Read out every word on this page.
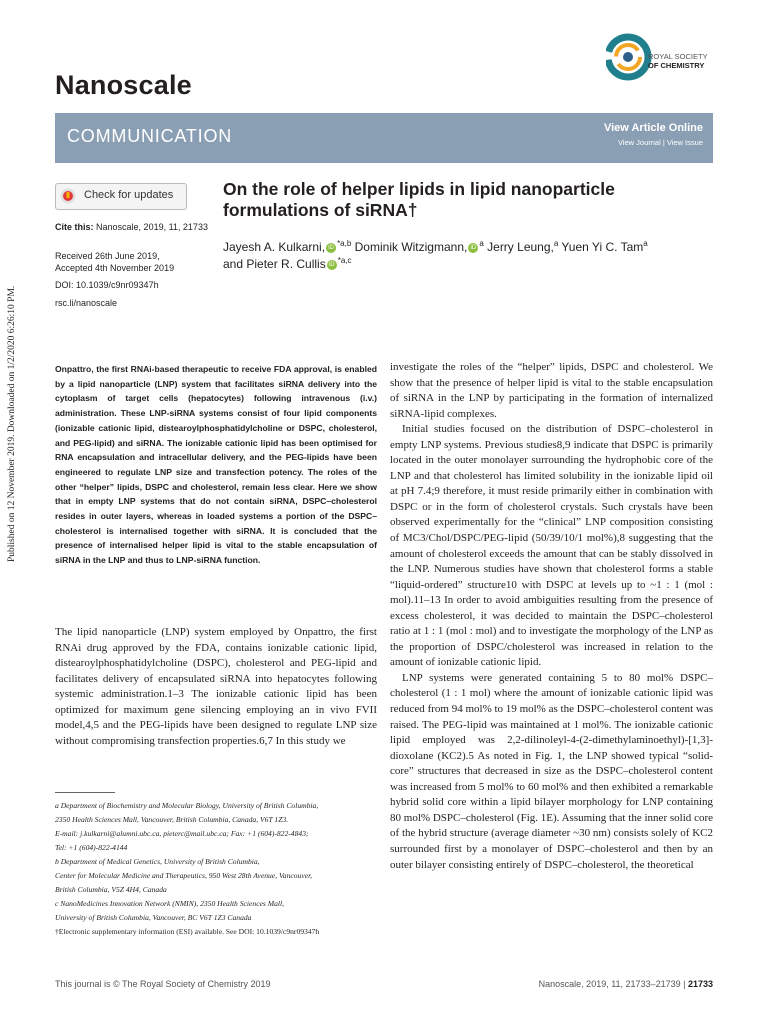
Published on 12 November 2019. Downloaded on 1/2/2020 6:26:10 PM.
Nanoscale
ROYAL SOCIETY
OF CHEMISTRY
COMMUNICATION	View Article Online
View Journal | View Issue
Check for updates
Cite this: Nanoscale, 2019, 11, 21733
Received 26th June 2019,
Accepted 4th November 2019
DOI: 10.1039/c9nr09347h
rsc.li/nanoscale
On the role of helper lipids in lipid nanoparticle formulations of siRNA†
Jayesh A. Kulkarni, iD $^{*a,b}$ Dominik Witzigmann, iD $^a$ Jerry Leung,$^a$ Yuen Yi C. Tam$^a$
and Pieter R. Cullis iD $^{*a,c}$
Onpattro, the first RNAi-based therapeutic to receive FDA approval, is enabled by a lipid nanoparticle (LNP) system that facilitates siRNA delivery into the cytoplasm of target cells (hepatocytes) following intravenous (i.v.) administration. These LNP-siRNA systems consist of four lipid components (ionizable cationic lipid, distearoylphosphatidylcholine or DSPC, cholesterol, and PEG-lipid) and siRNA. The ionizable cationic lipid has been optimised for RNA encapsulation and intracellular delivery, and the PEG-lipids have been engineered to regulate LNP size and transfection potency. The roles of the other “helper” lipids, DSPC and cholesterol, remain less clear. Here we show that in empty LNP systems that do not contain siRNA, DSPC–cholesterol resides in outer layers, whereas in loaded systems a portion of the DSPC–cholesterol is internalised together with siRNA. It is concluded that the presence of internalised helper lipid is vital to the stable encapsulation of siRNA in the LNP and thus to LNP-siRNA function.
The lipid nanoparticle (LNP) system employed by Onpattro, the first RNAi drug approved by the FDA, contains ionizable cationic lipid, distearoylphosphatidylcholine (DSPC), cholesterol and PEG-lipid and facilitates delivery of encapsulated siRNA into hepatocytes following systemic administration.1–3 The ionizable cationic lipid has been optimized for maximum gene silencing employing an in vivo FVII model,4,5 and the PEG-lipids have been designed to regulate LNP size without compromising transfection properties.6,7 In this study we
a Department of Biochemistry and Molecular Biology, University of British Columbia,
2350 Health Sciences Mall, Vancouver, British Columbia, Canada, V6T 1Z3.
E-mail: j.kulkarni@alumni.ubc.ca, pieterc@mail.ubc.ca; Fax: +1 (604)-822-4843;
Tel: +1 (604)-822-4144
b Department of Medical Genetics, University of British Columbia,
Center for Molecular Medicine and Therapeutics, 950 West 28th Avenue, Vancouver,
British Columbia, V5Z 4H4, Canada
c NanoMedicines Innovation Network (NMIN), 2350 Health Sciences Mall,
University of British Columbia, Vancouver, BC V6T 1Z3 Canada
†Electronic supplementary information (ESI) available. See DOI: 10.1039/c9nr09347h

investigate the roles of the “helper” lipids, DSPC and cholesterol. We show that the presence of helper lipid is vital to the stable encapsulation of siRNA in the LNP by participating in the formation of internalized siRNA-lipid complexes.

Initial studies focused on the distribution of DSPC–cholesterol in empty LNP systems. Previous studies8,9 indicate that DSPC is primarily located in the outer monolayer surrounding the hydrophobic core of the LNP and that cholesterol has limited solubility in the ionizable lipid oil at pH 7.4;9 therefore, it must reside primarily either in combination with DSPC or in the form of cholesterol crystals. Such crystals have been observed experimentally for the “clinical” LNP composition consisting of MC3/Chol/DSPC/PEG-lipid (50/39/10/1 mol%),8 suggesting that the amount of cholesterol exceeds the amount that can be stably dissolved in the LNP. Numerous studies have shown that cholesterol forms a stable “liquid-ordered” structure10 with DSPC at levels up to ~1 : 1 (mol : mol).11–13 In order to avoid ambiguities resulting from the presence of excess cholesterol, it was decided to maintain the DSPC–cholesterol ratio at 1 : 1 (mol : mol) and to investigate the morphology of the LNP as the proportion of DSPC/cholesterol was increased in relation to the amount of ionizable cationic lipid.

LNP systems were generated containing 5 to 80 mol% DSPC–cholesterol (1 : 1 mol) where the amount of ionizable cationic lipid was reduced from 94 mol% to 19 mol% as the DSPC–cholesterol content was raised. The PEG-lipid was maintained at 1 mol%. The ionizable cationic lipid employed was 2,2-dilinoleyl-4-(2-dimethylaminoethyl)-[1,3]-dioxolane (KC2).5 As noted in Fig. 1, the LNP showed typical “solid-core” structures that decreased in size as the DSPC–cholesterol content was increased from 5 mol% to 60 mol% and then exhibited a remarkable hybrid solid core within a lipid bilayer morphology for LNP containing 80 mol% DSPC–cholesterol (Fig. 1E). Assuming that the inner solid core of the hybrid structure (average diameter ~30 nm) consists solely of KC2 surrounded first by a monolayer of DSPC–cholesterol and then by an outer bilayer consisting entirely of DSPC–cholesterol, the theoretical

This journal is © The Royal Society of Chemistry 2019	Nanoscale, 2019, 11, 21733–21739 | 21733
